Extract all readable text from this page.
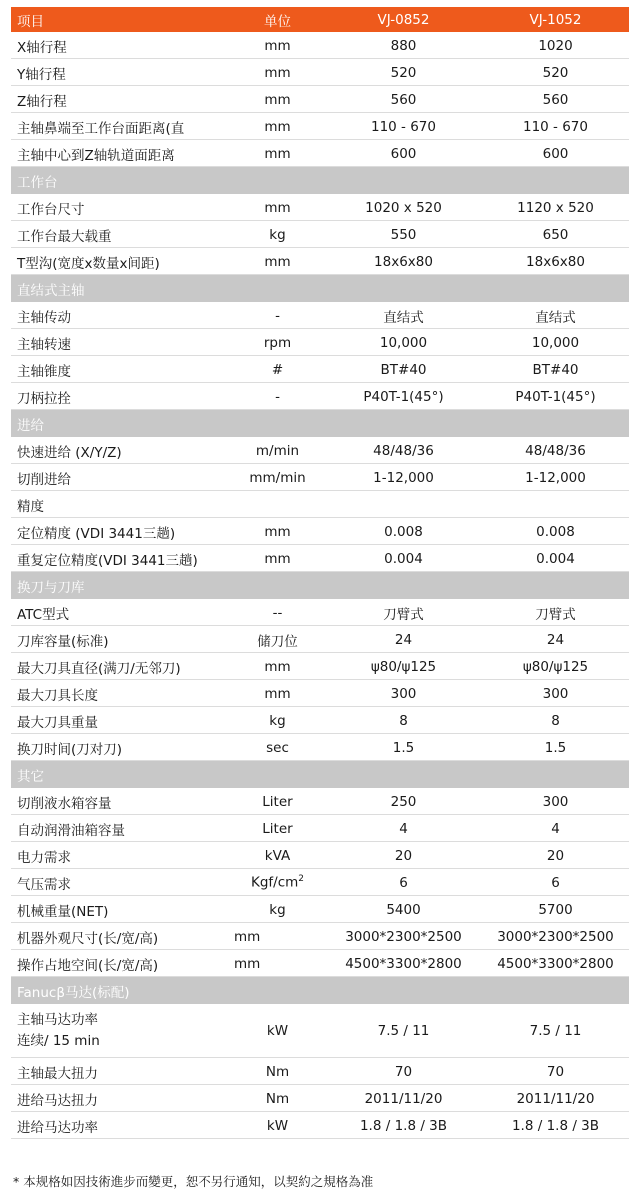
项目	单位	VJ-0852	VJ-1052
X轴行程	mm	880	1020
Y轴行程	mm	520	520
Z轴行程	mm	560	560
主轴鼻端至工作台面距离(直	mm	110 - 670	110 - 670
主轴中心到Z轴轨道面距离	mm	600	600
工作台
工作台尺寸	mm	1020 x 520	1120 x 520
工作台最大载重	kg	550	650
T型沟(宽度x数量x间距)	mm	18x6x80	18x6x80
直结式主轴
主轴传动	-	直结式	直结式
主轴转速	rpm	10,000	10,000
主轴锥度	#	BT#40	BT#40
刀柄拉拴	-	P40T-1(45°)	P40T-1(45°)
进给
快速进给 (X/Y/Z)	m/min	48/48/36	48/48/36
切削进给	mm/min	1-12,000	1-12,000
精度
定位精度 (VDI 3441三趟)	mm	0.008	0.008
重复定位精度(VDI 3441三趟)	mm	0.004	0.004
换刀与刀库
ATC型式	--	刀臂式	刀臂式
刀库容量(标准)	储刀位	24	24
最大刀具直径(满刀/无邻刀)	mm	ψ80/ψ125	ψ80/ψ125
最大刀具长度	mm	300	300
最大刀具重量	kg	8	8
换刀时间(刀对刀)	sec	1.5	1.5
其它
切削液水箱容量	Liter	250	300
自动润滑油箱容量	Liter	4	4
电力需求	kVA	20	20
气压需求	Kgf/$cm^2$	6	6
机械重量(NET)	kg	5400	5700
机器外观尺寸(长/宽/高)	mm	3000*2300*2500	3000*2300*2500
操作占地空间(长/宽/高)	mm	4500*3300*2800	4500*3300*2800
Fanucβ马达(标配)
主轴马达功率
连续/ 15 min
kW	7.5 / 11	7.5 / 11
主轴最大扭力	Nm	70	70
进给马达扭力	Nm	2011/11/20	2011/11/20
进给马达功率	kW	1.8 / 1.8 / 3B	1.8 / 1.8 / 3B
* 本规格如因技術進步而變更，恕不另行通知，以契約之規格為准
